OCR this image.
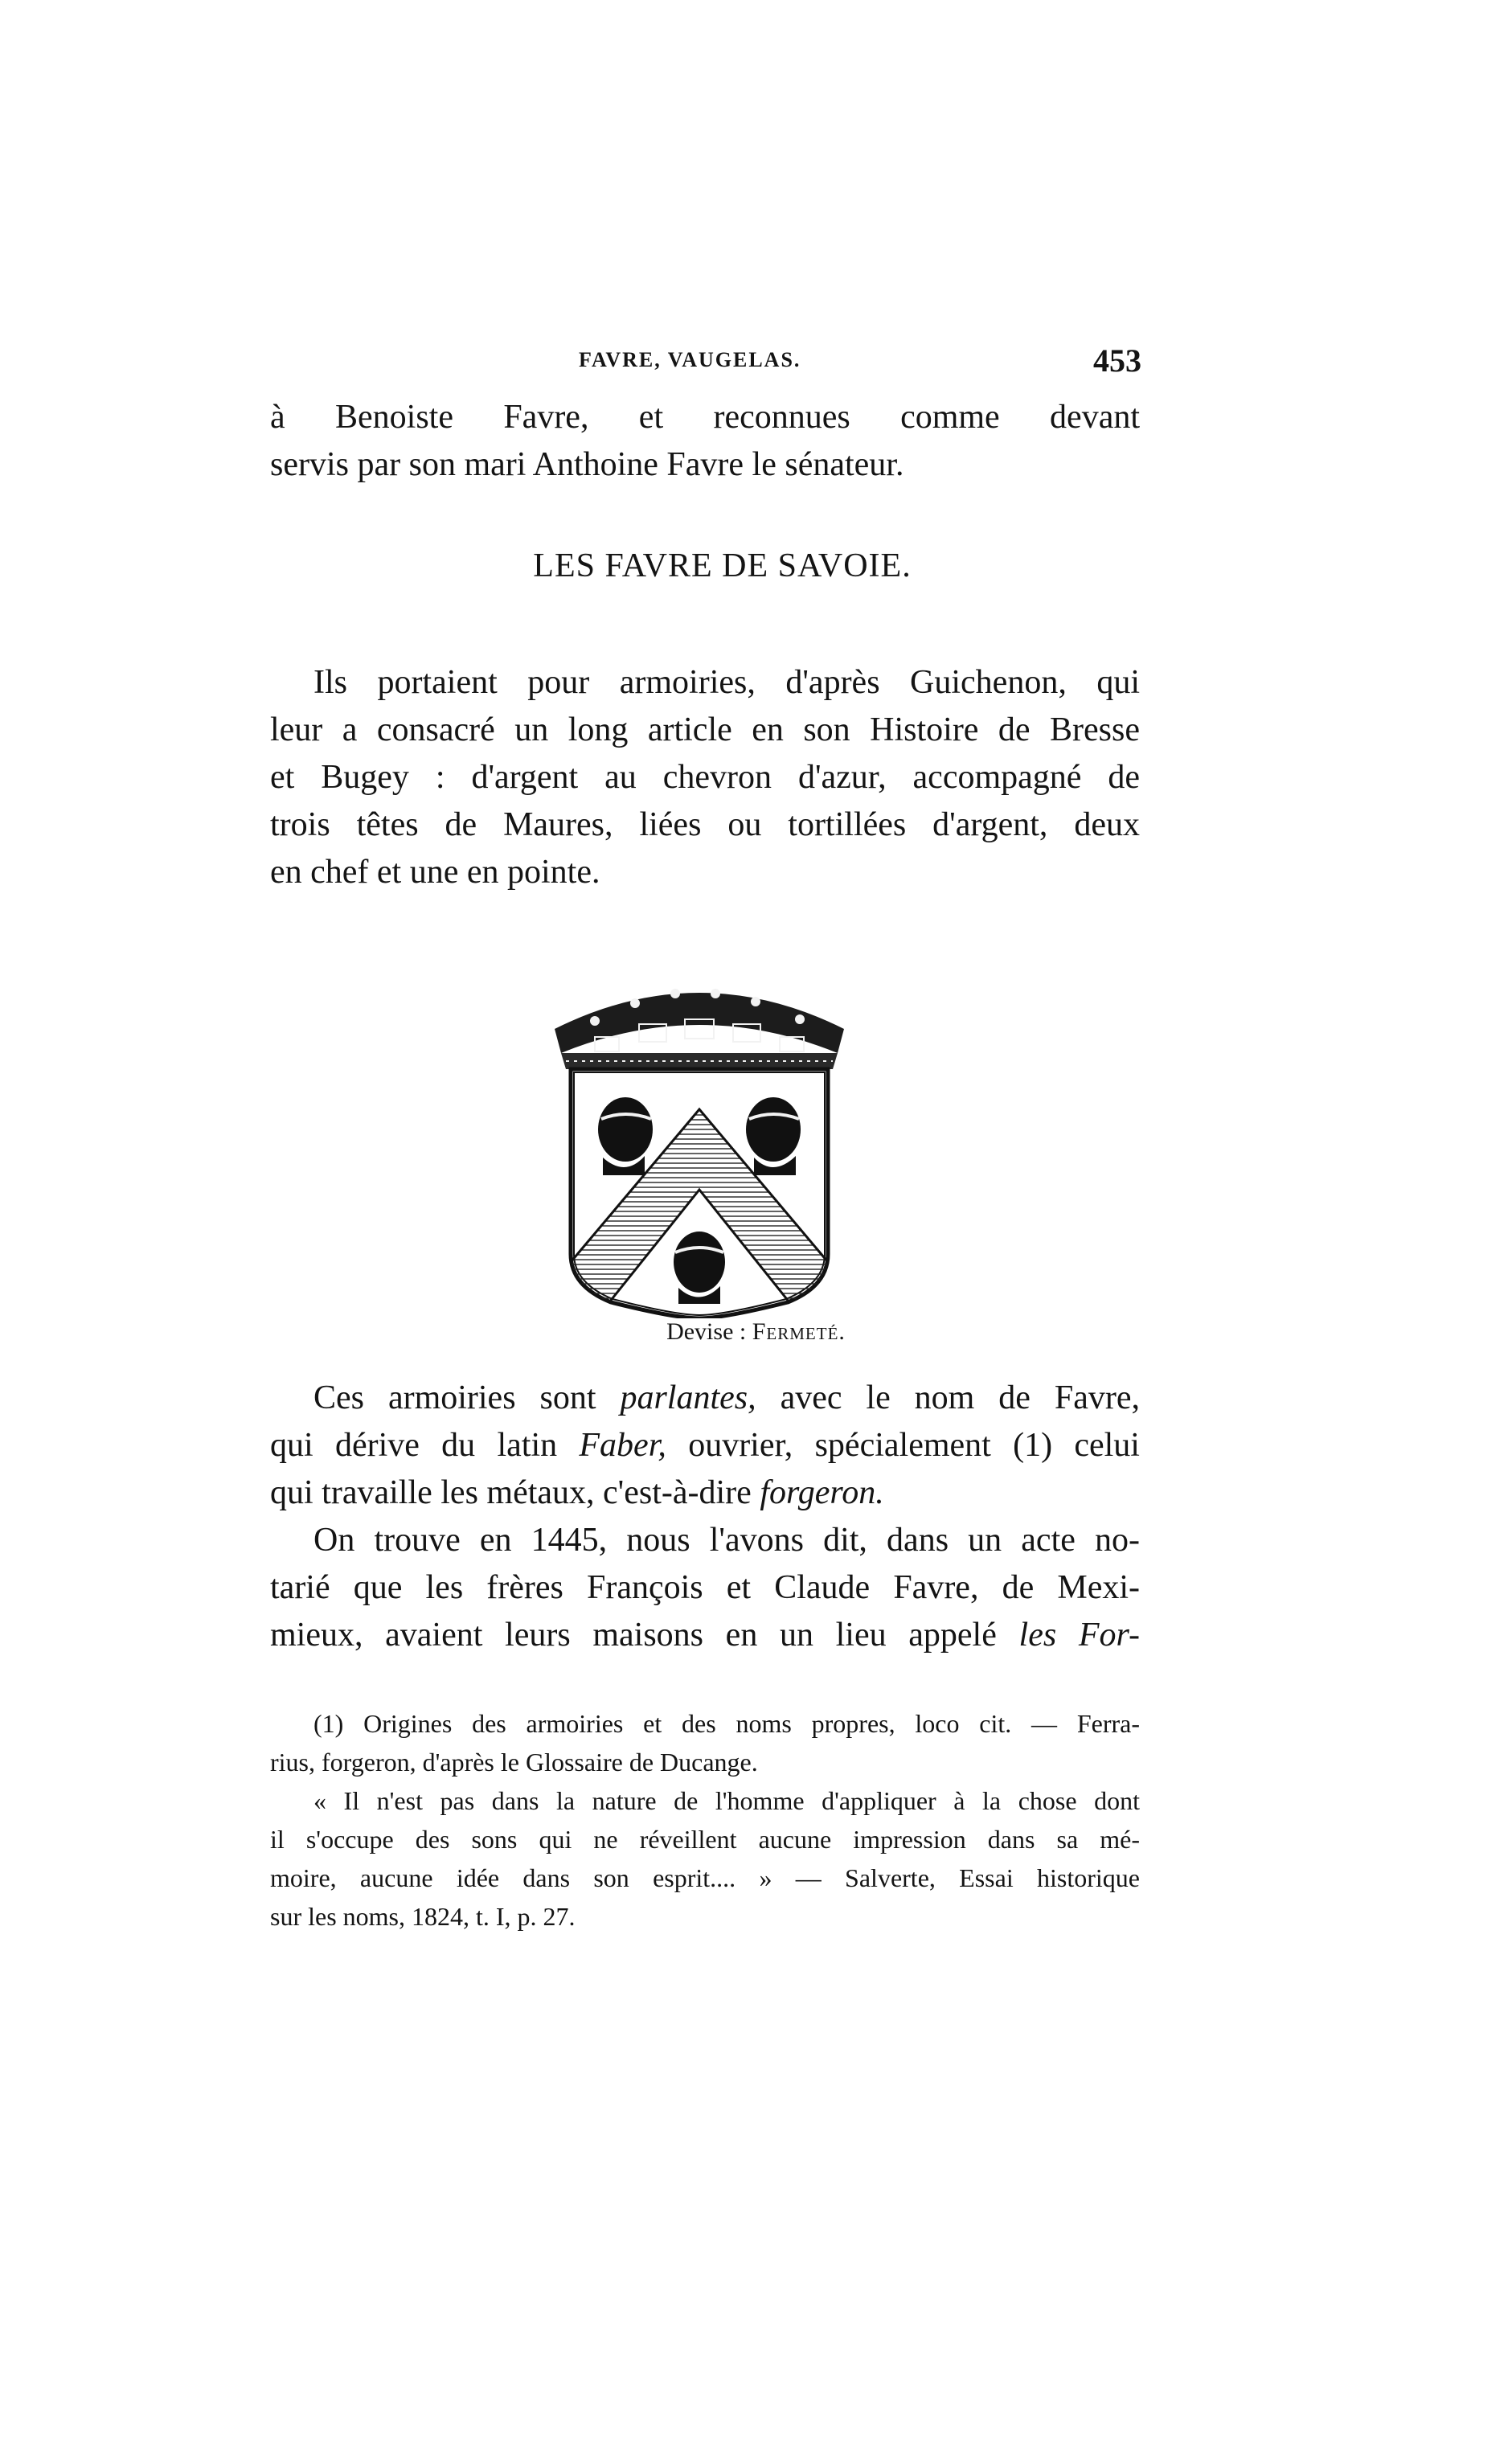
FAVRE, VAUGELAS.	453
à Benoiste Favre, et reconnues comme devant
servis par son mari Anthoine Favre le sénateur.
LES FAVRE DE SAVOIE.
Ils portaient pour armoiries, d'après Guichenon, qui
leur a consacré un long article en son Histoire de Bresse
et Bugey : d'argent au chevron d'azur, accompagné de
trois têtes de Maures, liées ou tortillées d'argent, deux
en chef et une en pointe.
Devise : Fermeté.
Ces armoiries sont parlantes, avec le nom de Favre,
qui dérive du latin Faber, ouvrier, spécialement (1) celui
qui travaille les métaux, c'est-à-dire forgeron.
On trouve en 1445, nous l'avons dit, dans un acte no-
tarié que les frères François et Claude Favre, de Mexi-
mieux, avaient leurs maisons en un lieu appelé les For-
(1) Origines des armoiries et des noms propres, loco cit. — Ferra-
rius, forgeron, d'après le Glossaire de Ducange.
« Il n'est pas dans la nature de l'homme d'appliquer à la chose dont
il s'occupe des sons qui ne réveillent aucune impression dans sa mé-
moire, aucune idée dans son esprit.... » — Salverte, Essai historique
sur les noms, 1824, t. I, p. 27.
